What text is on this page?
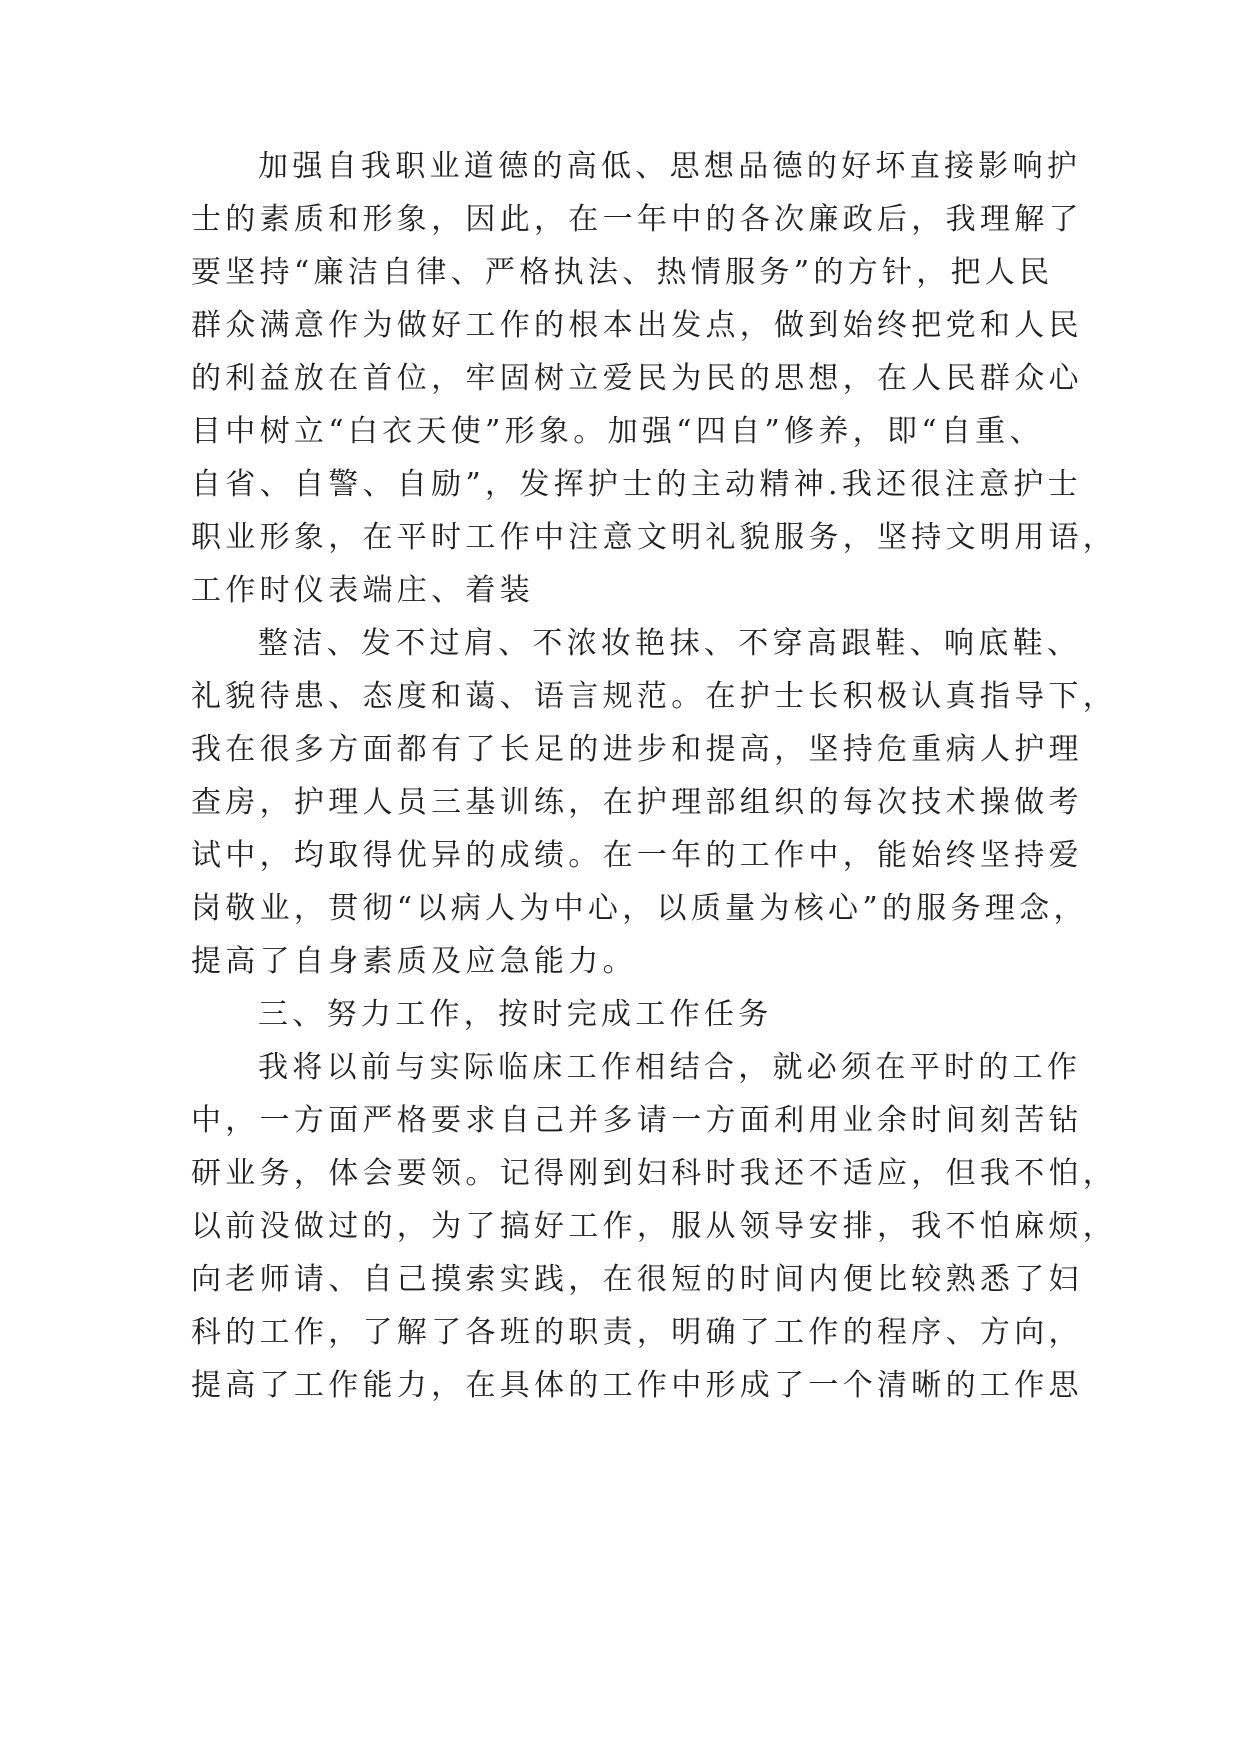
加强自我职业道德的高低、思想品德的好坏直接影响护
士的素质和形象，因此，在一年中的各次廉政后，我理解了
要坚持“廉洁自律、严格执法、热情服务”的方针，把人民
群众满意作为做好工作的根本出发点，做到始终把党和人民
的利益放在首位，牢固树立爱民为民的思想，在人民群众心
目中树立“白衣天使”形象。加强“四自”修养，即“自重、
自省、自警、自励”，发挥护士的主动精神.我还很注意护士
职业形象，在平时工作中注意文明礼貌服务，坚持文明用语，
工作时仪表端庄、着装
整洁、发不过肩、不浓妆艳抹、不穿高跟鞋、响底鞋、
礼貌待患、态度和蔼、语言规范。在护士长积极认真指导下，
我在很多方面都有了长足的进步和提高，坚持危重病人护理
查房，护理人员三基训练，在护理部组织的每次技术操做考
试中，均取得优异的成绩。在一年的工作中，能始终坚持爱
岗敬业，贯彻“以病人为中心，以质量为核心”的服务理念，
提高了自身素质及应急能力。
三、努力工作，按时完成工作任务
我将以前与实际临床工作相结合，就必须在平时的工作
中，一方面严格要求自己并多请一方面利用业余时间刻苦钻
研业务，体会要领。记得刚到妇科时我还不适应，但我不怕，
以前没做过的，为了搞好工作，服从领导安排，我不怕麻烦，
向老师请、自己摸索实践，在很短的时间内便比较熟悉了妇
科的工作，了解了各班的职责，明确了工作的程序、方向，
提高了工作能力，在具体的工作中形成了一个清晰的工作思
